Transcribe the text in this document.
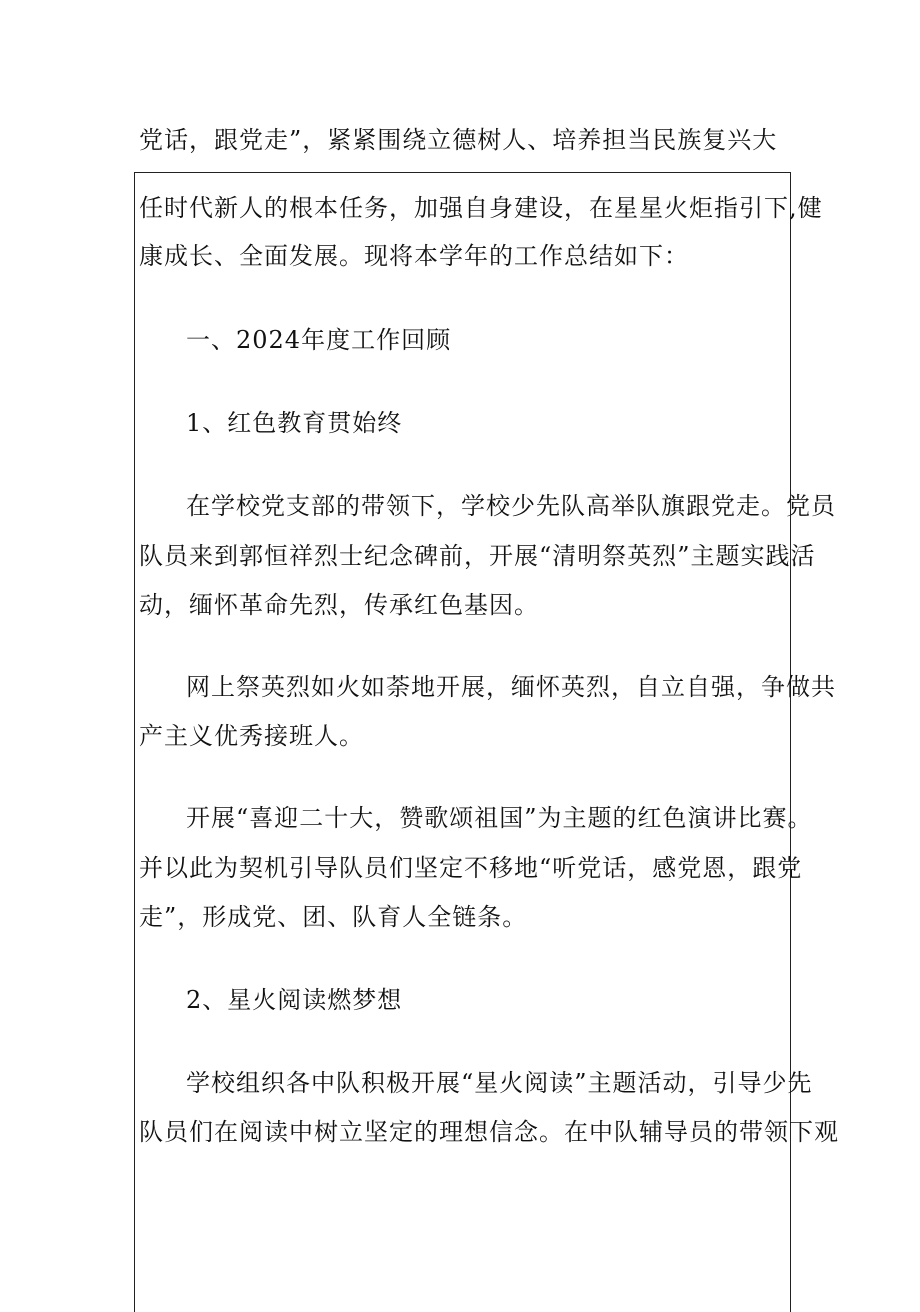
党话，跟党走”，紧紧围绕立德树人、培养担当民族复兴大
任时代新人的根本任务，加强自身建设，在星星火炬指引下,健
康成长、全面发展。现将本学年的工作总结如下：
一、2024年度工作回顾
1、红色教育贯始终
在学校党支部的带领下，学校少先队高举队旗跟党走。党员
队员来到郭恒祥烈士纪念碑前，开展“清明祭英烈”主题实践活
动，缅怀革命先烈，传承红色基因。
网上祭英烈如火如荼地开展，缅怀英烈，自立自强，争做共
产主义优秀接班人。
开展“喜迎二十大，赞歌颂祖国”为主题的红色演讲比赛。
并以此为契机引导队员们坚定不移地“听党话，感党恩，跟党
走”，形成党、团、队育人全链条。
2、星火阅读燃梦想
学校组织各中队积极开展“星火阅读”主题活动，引导少先
队员们在阅读中树立坚定的理想信念。在中队辅导员的带领下观
